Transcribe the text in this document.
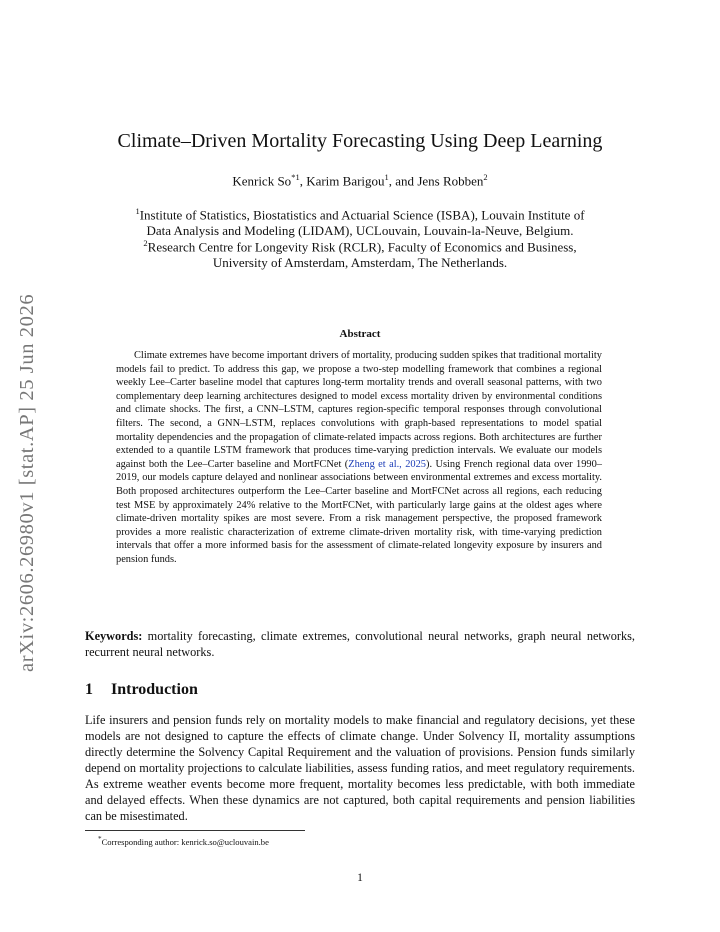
arXiv:2606.26980v1 [stat.AP] 25 Jun 2026
Climate–Driven Mortality Forecasting Using Deep Learning
Kenrick So$^{*1}$, Karim Barigou$^1$, and Jens Robben$^2$
$^1$Institute of Statistics, Biostatistics and Actuarial Science (ISBA), Louvain Institute of
Data Analysis and Modeling (LIDAM), UCLouvain, Louvain-la-Neuve, Belgium.
$^2$Research Centre for Longevity Risk (RCLR), Faculty of Economics and Business,
University of Amsterdam, Amsterdam, The Netherlands.
Abstract

Climate extremes have become important drivers of mortality, producing sudden spikes that traditional mortality models fail to predict. To address this gap, we propose a two-step modelling framework that combines a regional weekly Lee–Carter baseline model that captures long-term mortality trends and overall seasonal patterns, with two complementary deep learning architectures designed to model excess mortality driven by environmental conditions and climate shocks. The first, a CNN–LSTM, captures region-specific temporal responses through convolutional filters. The second, a GNN–LSTM, replaces convolutions with graph-based representations to model spatial mortality dependencies and the propagation of climate-related impacts across regions. Both architectures are further extended to a quantile LSTM framework that produces time-varying prediction intervals. We evaluate our models against both the Lee–Carter baseline and MortFCNet (Zheng et al., 2025). Using French regional data over 1990–2019, our models capture delayed and nonlinear associations between environmental extremes and excess mortality. Both proposed architectures outperform the Lee–Carter baseline and MortFCNet across all regions, each reducing test MSE by approximately 24% relative to the MortFCNet, with particularly large gains at the oldest ages where climate-driven mortality spikes are most severe. From a risk management perspective, the proposed framework provides a more realistic characterization of extreme climate-driven mortality risk, with time-varying prediction intervals that offer a more informed basis for the assessment of climate-related longevity exposure by insurers and pension funds.

Keywords: mortality forecasting, climate extremes, convolutional neural networks, graph neural networks, recurrent neural networks.

1 Introduction

Life insurers and pension funds rely on mortality models to make financial and regulatory decisions, yet these models are not designed to capture the effects of climate change. Under Solvency II, mortality assumptions directly determine the Solvency Capital Requirement and the valuation of provisions. Pension funds similarly depend on mortality projections to calculate liabilities, assess funding ratios, and meet regulatory requirements. As extreme weather events become more frequent, mortality becomes less predictable, with both immediate and delayed effects. When these dynamics are not captured, both capital requirements and pension liabilities can be misestimated.

*Corresponding author: kenrick.so@uclouvain.be
1
